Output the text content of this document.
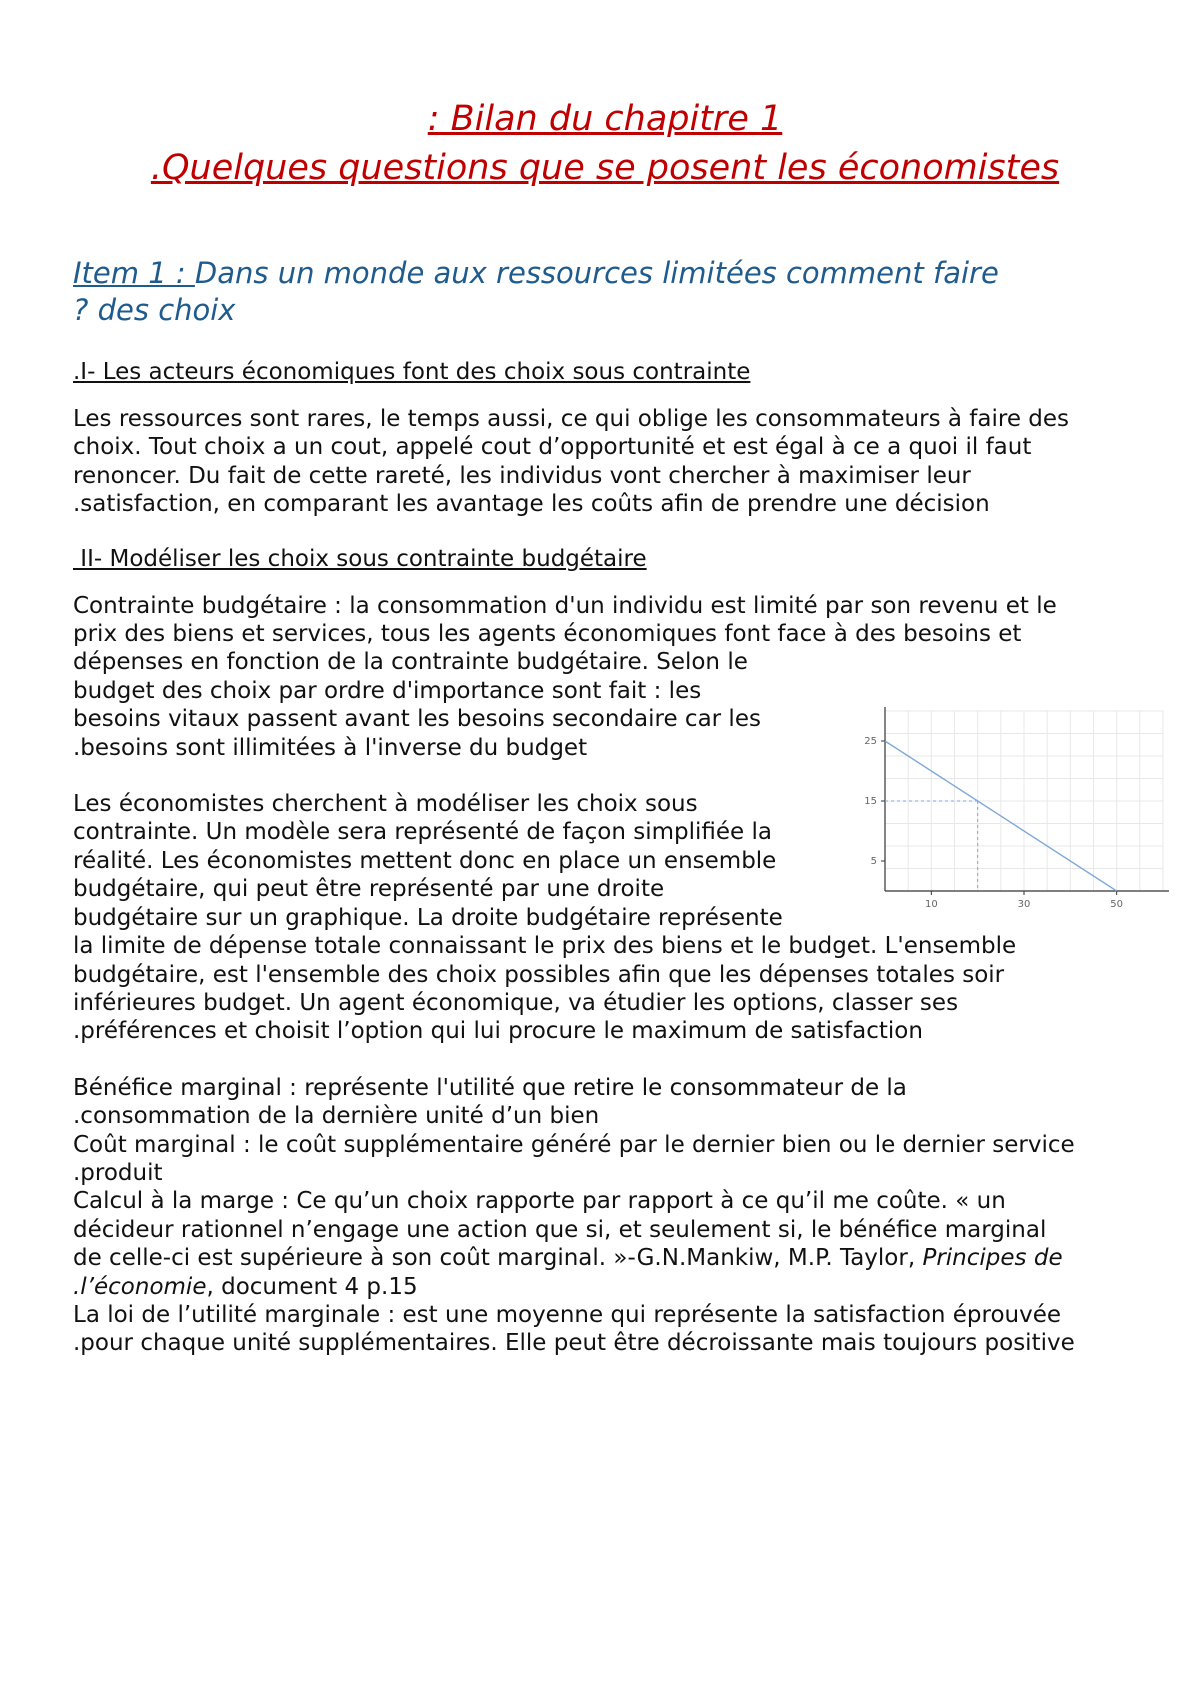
: Bilan du chapitre 1

.Quelques questions que se posent les économistes

Item 1 : Dans un monde aux ressources limitées comment faire
? des choix

.I- Les acteurs économiques font des choix sous contrainte

Les ressources sont rares, le temps aussi, ce qui oblige les consommateurs à faire des
choix. Tout choix a un cout, appelé cout d’opportunité et est égal à ce a quoi il faut
renoncer. Du fait de cette rareté, les individus vont chercher à maximiser leur
.satisfaction, en comparant les avantage les coûts afin de prendre une décision

II- Modéliser les choix sous contrainte budgétaire

Contrainte budgétaire : la consommation d'un individu est limité par son revenu et le
prix des biens et services, tous les agents économiques font face à des besoins et
dépenses en fonction de la contrainte budgétaire. Selon le
budget des choix par ordre d'importance sont fait : les
besoins vitaux passent avant les besoins secondaire car les
.besoins sont illimitées à l'inverse du budget
Les économistes cherchent à modéliser les choix sous
contrainte. Un modèle sera représenté de façon simplifiée la
réalité. Les économistes mettent donc en place un ensemble
budgétaire, qui peut être représenté par une droite
budgétaire sur un graphique. La droite budgétaire représente
la limite de dépense totale connaissant le prix des biens et le budget. L'ensemble
budgétaire, est l'ensemble des choix possibles afin que les dépenses totales soir
inférieures budget. Un agent économique, va étudier les options, classer ses
.préférences et choisit l’option qui lui procure le maximum de satisfaction
Bénéfice marginal : représente l'utilité que retire le consommateur de la
.consommation de la dernière unité d’un bien
Coût marginal : le coût supplémentaire généré par le dernier bien ou le dernier service
.produit
Calcul à la marge : Ce qu’un choix rapporte par rapport à ce qu’il me coûte. « un
décideur rationnel n’engage une action que si, et seulement si, le bénéfice marginal
de celle-ci est supérieure à son coût marginal. »-G.N.Mankiw, M.P. Taylor, Principes de
.l’économie, document 4 p.15
La loi de l’utilité marginale : est une moyenne qui représente la satisfaction éprouvée
.pour chaque unité supplémentaires. Elle peut être décroissante mais toujours positive
5
15
25
10	30	50
